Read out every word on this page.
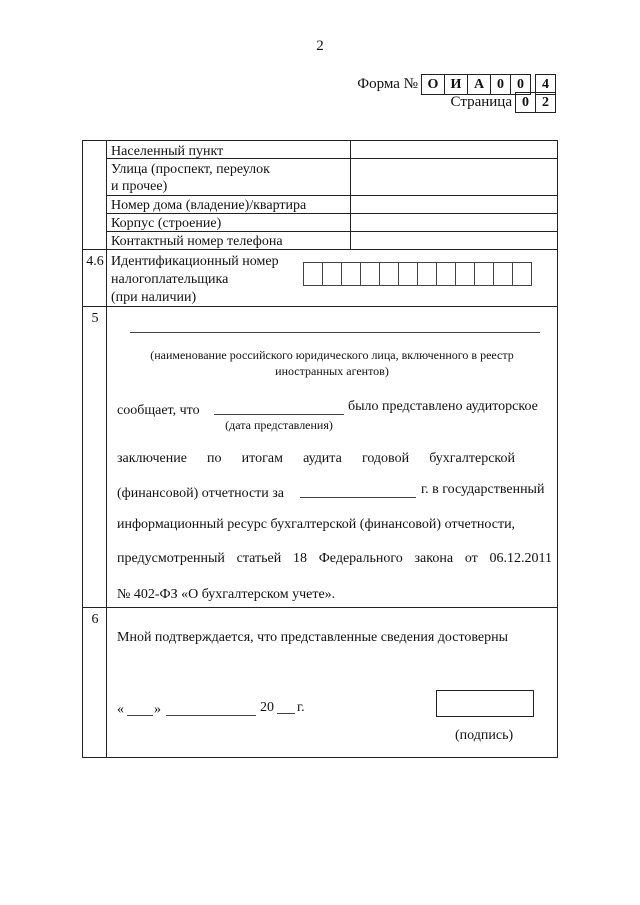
2
Форма № О И А 0 0	4
Страница 0 2
Населенный пункт
Улица (проспект, переулок
и прочее)
Номер дома (владение)/квартира
Корпус (строение)
Контактный номер телефона
4.6 Идентификационный номер
налогоплательщика
(при наличии)
5
(наименование российского юридического лица, включенного в реестр
иностранных агентов)
сообщает, что	было представлено аудиторское
(дата представления)
заключение по итогам аудита годовой бухгалтерской
(финансовой) отчетности за	г. в государственный
информационный ресурс бухгалтерской (финансовой) отчетности,
предусмотренный статьей 18 Федерального закона от 06.12.2011
№ 402-ФЗ «О бухгалтерском учете».
6
Мной подтверждается, что представленные сведения достоверны
« »	20 г.
(подпись)
